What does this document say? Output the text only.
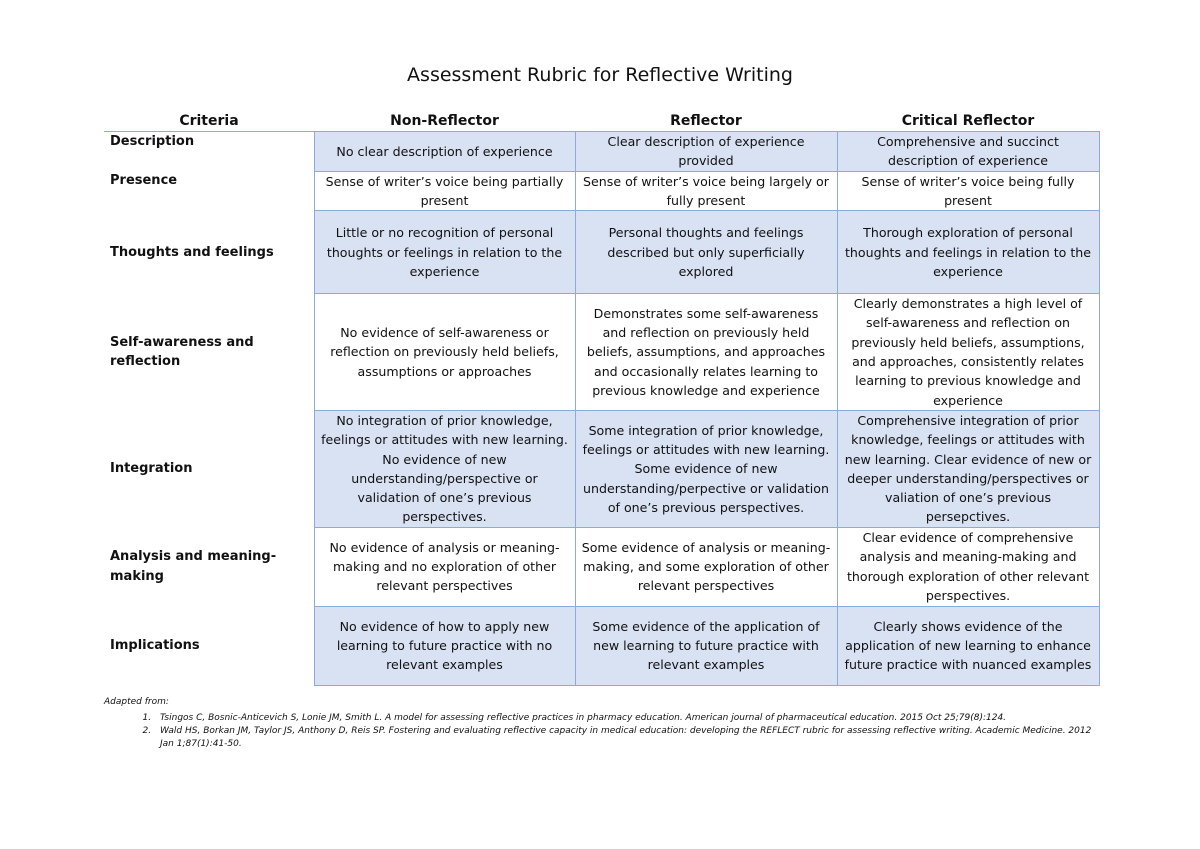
Assessment Rubric for Reflective Writing
Criteria	Non-Reflector	Reflector	Critical Reflector
Description	No clear description of experience	Clear description of experience provided	Comprehensive and succinct description of experience
Presence	Sense of writer’s voice being partially present	Sense of writer’s voice being largely or fully present	Sense of writer’s voice being fully present
Thoughts and feelings	Little or no recognition of personal thoughts or feelings in relation to the experience	Personal thoughts and feelings described but only superficially explored	Thorough exploration of personal thoughts and feelings in relation to the experience
Self-awareness and reflection	No evidence of self-awareness or reflection on previously held beliefs, assumptions or approaches	Demonstrates some self-awareness and reflection on previously held beliefs, assumptions, and approaches and occasionally relates learning to previous knowledge and experience	Clearly demonstrates a high level of self-awareness and reflection on previously held beliefs, assumptions, and approaches, consistently relates learning to previous knowledge and experience
Integration	No integration of prior knowledge, feelings or attitudes with new learning. No evidence of new understanding/perspective or validation of one’s previous perspectives.	Some integration of prior knowledge, feelings or attitudes with new learning. Some evidence of new understanding/perpective or validation of one’s previous perspectives.	Comprehensive integration of prior knowledge, feelings or attitudes with new learning. Clear evidence of new or deeper understanding/perspectives or valiation of one’s previous persepctives.
Analysis and meaning-making	No evidence of analysis or meaning-making and no exploration of other relevant perspectives	Some evidence of analysis or meaning-making, and some exploration of other relevant perspectives	Clear evidence of comprehensive analysis and meaning-making and thorough exploration of other relevant perspectives.
Implications	No evidence of how to apply new learning to future practice with no relevant examples	Some evidence of the application of new learning to future practice with relevant examples	Clearly shows evidence of the application of new learning to enhance future practice with nuanced examples
Adapted from:
1. Tsingos C, Bosnic-Anticevich S, Lonie JM, Smith L. A model for assessing reflective practices in pharmacy education. American journal of pharmaceutical education. 2015 Oct 25;79(8):124.
2. Wald HS, Borkan JM, Taylor JS, Anthony D, Reis SP. Fostering and evaluating reflective capacity in medical education: developing the REFLECT rubric for assessing reflective writing. Academic Medicine. 2012 Jan 1;87(1):41-50.
